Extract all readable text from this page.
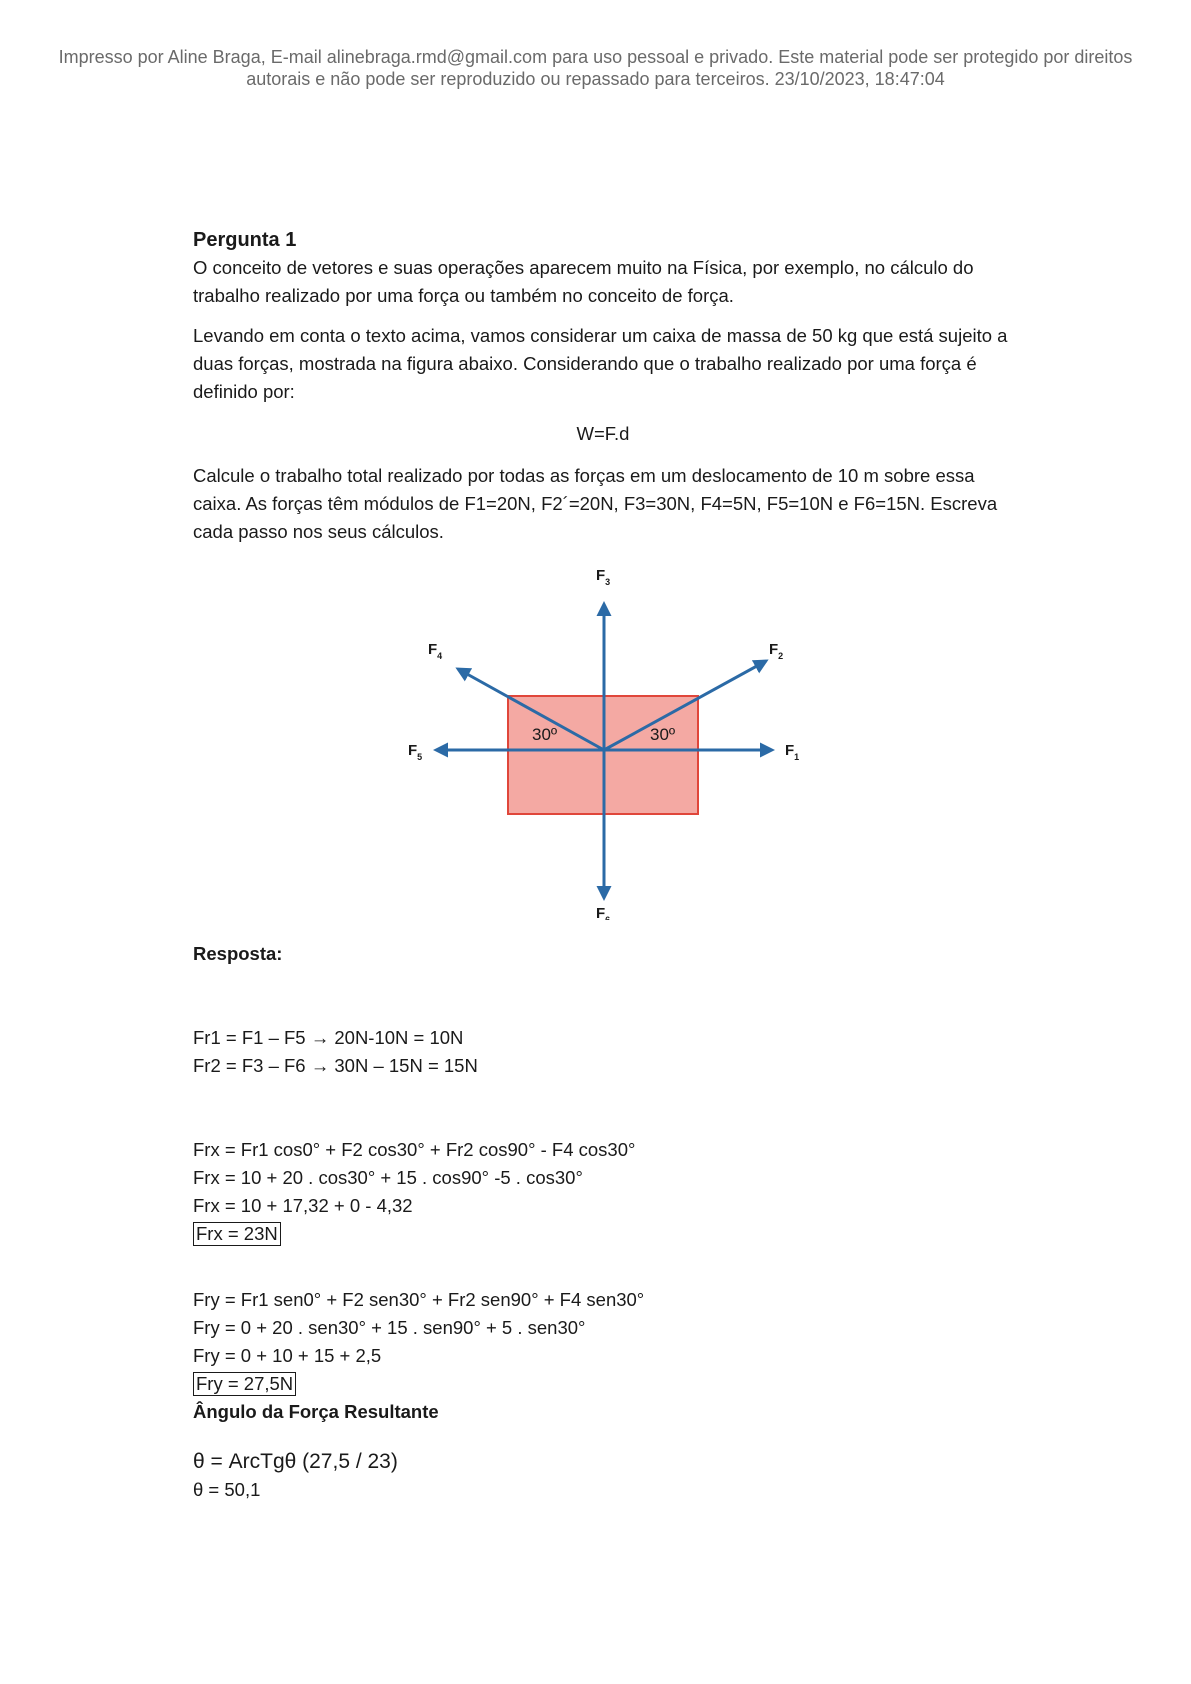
Impresso por Aline Braga, E-mail alinebraga.rmd@gmail.com para uso pessoal e privado. Este material pode ser protegido por direitos
autorais e não pode ser reproduzido ou repassado para terceiros. 23/10/2023, 18:47:04

Pergunta 1

O conceito de vetores e suas operações aparecem muito na Física, por exemplo, no cálculo do trabalho realizado por uma força ou também no conceito de força.

Levando em conta o texto acima, vamos considerar um caixa de massa de 50 kg que está sujeito a duas forças, mostrada na figura abaixo. Considerando que o trabalho realizado por uma força é definido por:

W=F.d

Calcule o trabalho total realizado por todas as forças em um deslocamento de 10 m sobre essa caixa. As forças têm módulos de F1=20N, F2´=20N, F3=30N, F4=5N, F5=10N e F6=15N. Escreva cada passo nos seus cálculos.

30º	30º
$F_3$
$F_2$
$F_4$
$F_1$
$F_5$
$F_6$

Resposta:

Fr1 = F1 – F5 → 20N-10N = 10N

Fr2 = F3 – F6 → 30N – 15N = 15N

Frx = Fr1 cos0° + F2 cos30° + Fr2 cos90° - F4 cos30°

Frx = 10 + 20 . cos30° + 15 . cos90° -5 . cos30°

Frx = 10 + 17,32 + 0 - 4,32

Frx = 23N

Fry = Fr1 sen0° + F2 sen30° + Fr2 sen90° + F4 sen30°

Fry = 0 + 20 . sen30° + 15 . sen90° + 5 . sen30°

Fry = 0 + 10 + 15 + 2,5

Fry = 27,5N

Ângulo da Força Resultante

θ = ArcTgθ (27,5 / 23)

θ = 50,1
